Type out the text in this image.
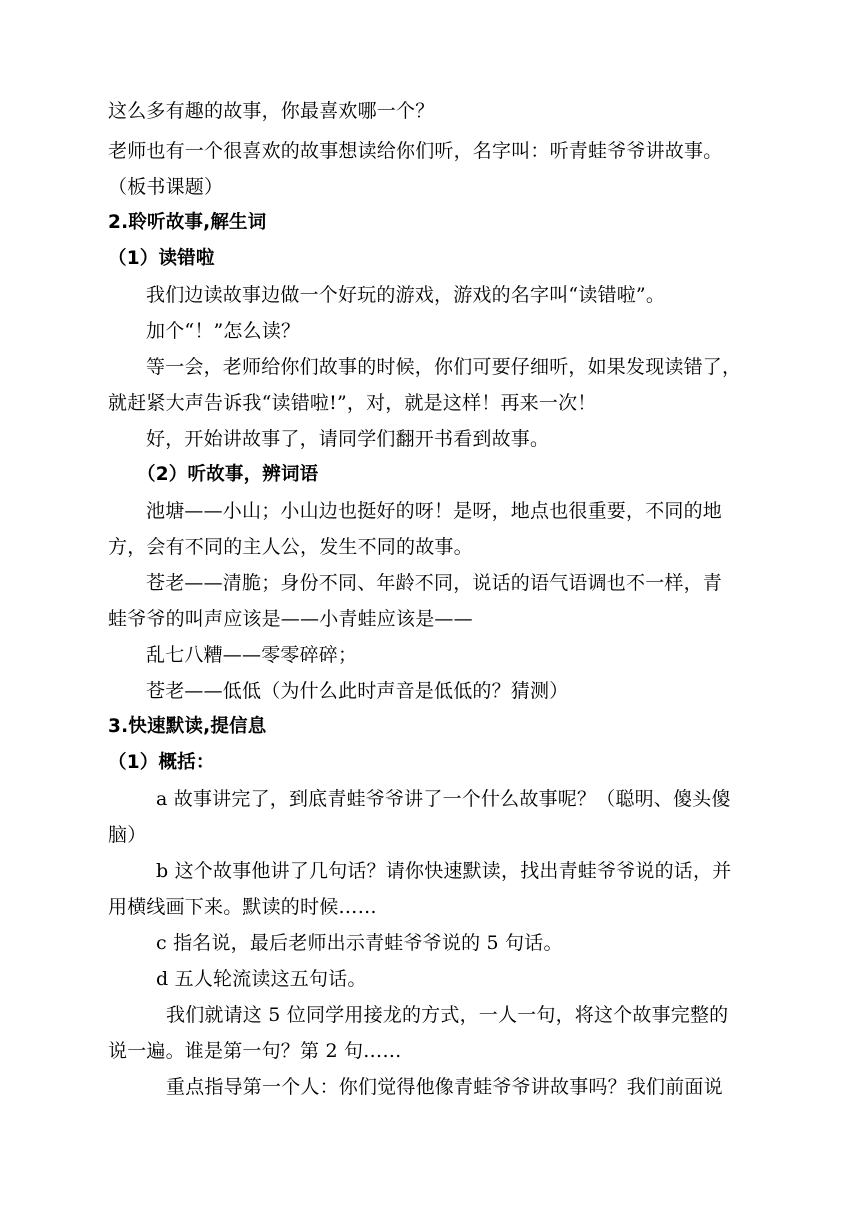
这么多有趣的故事，你最喜欢哪一个？
老师也有一个很喜欢的故事想读给你们听，名字叫：听青蛙爷爷讲故事。
（板书课题）
2.聆听故事,解生词
（1）读错啦
我们边读故事边做一个好玩的游戏，游戏的名字叫“读错啦”。
加个“！”怎么读？
等一会，老师给你们故事的时候，你们可要仔细听，如果发现读错了，
就赶紧大声告诉我“读错啦!”，对，就是这样！再来一次！
好，开始讲故事了，请同学们翻开书看到故事。
（2）听故事，辨词语
池塘——小山；小山边也挺好的呀！是呀，地点也很重要，不同的地
方，会有不同的主人公，发生不同的故事。
苍老——清脆；身份不同、年龄不同，说话的语气语调也不一样，青
蛙爷爷的叫声应该是——小青蛙应该是——
乱七八糟——零零碎碎；
苍老——低低（为什么此时声音是低低的？猜测）
3.快速默读,提信息
（1）概括：
a 故事讲完了，到底青蛙爷爷讲了一个什么故事呢？（聪明、傻头傻
脑）
b 这个故事他讲了几句话？请你快速默读，找出青蛙爷爷说的话，并
用横线画下来。默读的时候……
c 指名说，最后老师出示青蛙爷爷说的 5 句话。
d 五人轮流读这五句话。
我们就请这 5 位同学用接龙的方式，一人一句，将这个故事完整的
说一遍。谁是第一句？第 2 句……
重点指导第一个人：你们觉得他像青蛙爷爷讲故事吗？我们前面说
